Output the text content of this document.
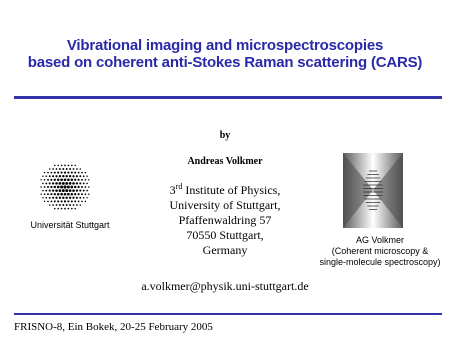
Vibrational imaging and microspectroscopies
based on coherent anti-Stokes Raman scattering (CARS)
by
Andreas Volkmer
3rd Institute of Physics,
University of Stuttgart,
Pfaffenwaldring 57
70550 Stuttgart,
Germany
Universität Stuttgart
AG Volkmer
(Coherent microscopy &
single-molecule spectroscopy)
a.volkmer@physik.uni-stuttgart.de
FRISNO-8, Ein Bokek, 20-25 February 2005
